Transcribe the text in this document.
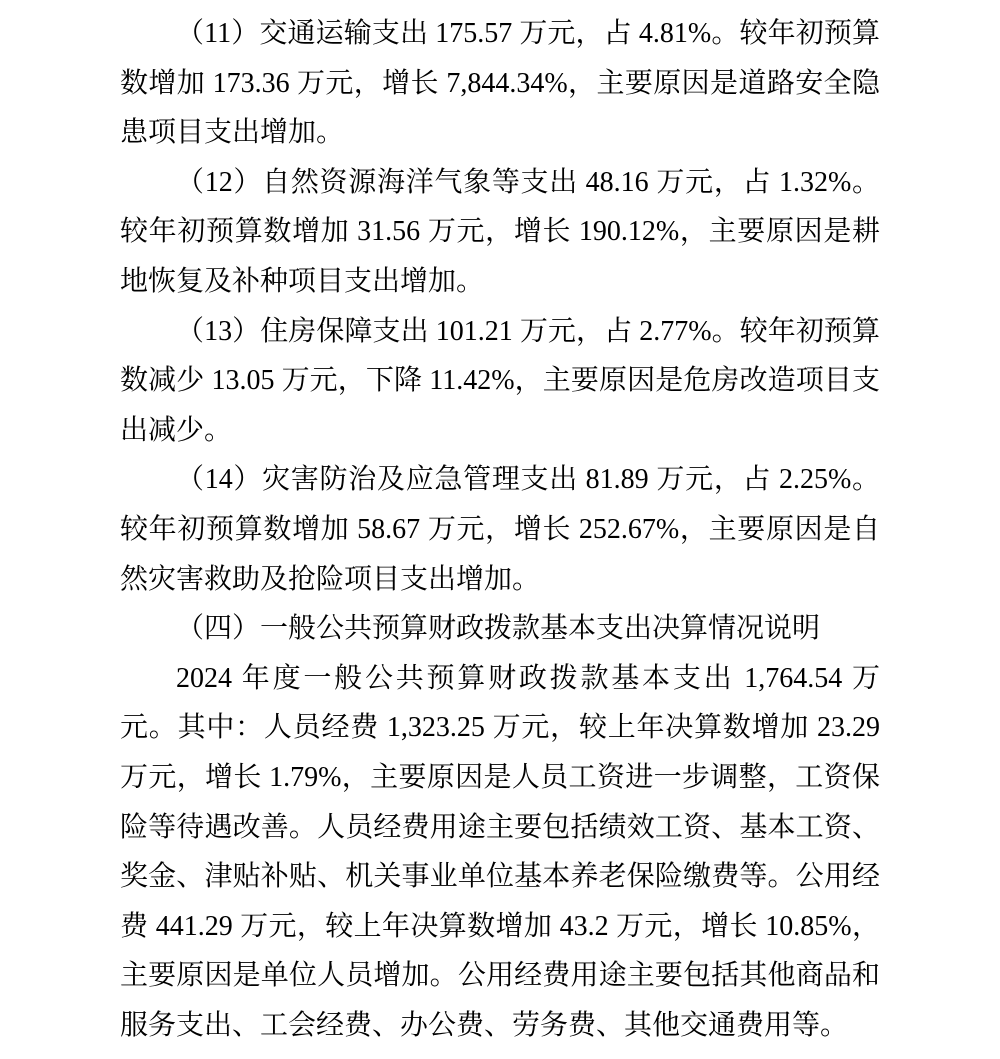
（11）交通运输支出 175.57 万元，占 4.81%。较年初预算数增加 173.36 万元，增长 7,844.34%，主要原因是道路安全隐患项目支出增加。

（12）自然资源海洋气象等支出 48.16 万元，占 1.32%。较年初预算数增加 31.56 万元，增长 190.12%，主要原因是耕地恢复及补种项目支出增加。

（13）住房保障支出 101.21 万元，占 2.77%。较年初预算数减少 13.05 万元，下降 11.42%，主要原因是危房改造项目支出减少。

（14）灾害防治及应急管理支出 81.89 万元，占 2.25%。较年初预算数增加 58.67 万元，增长 252.67%，主要原因是自然灾害救助及抢险项目支出增加。

（四）一般公共预算财政拨款基本支出决算情况说明

2024 年度一般公共预算财政拨款基本支出 1,764.54 万元。其中：人员经费 1,323.25 万元，较上年决算数增加 23.29 万元，增长 1.79%，主要原因是人员工资进一步调整，工资保险等待遇改善。人员经费用途主要包括绩效工资、基本工资、奖金、津贴补贴、机关事业单位基本养老保险缴费等。公用经费 441.29 万元，较上年决算数增加 43.2 万元，增长 10.85%，主要原因是单位人员增加。公用经费用途主要包括其他商品和服务支出、工会经费、办公费、劳务费、其他交通费用等。
